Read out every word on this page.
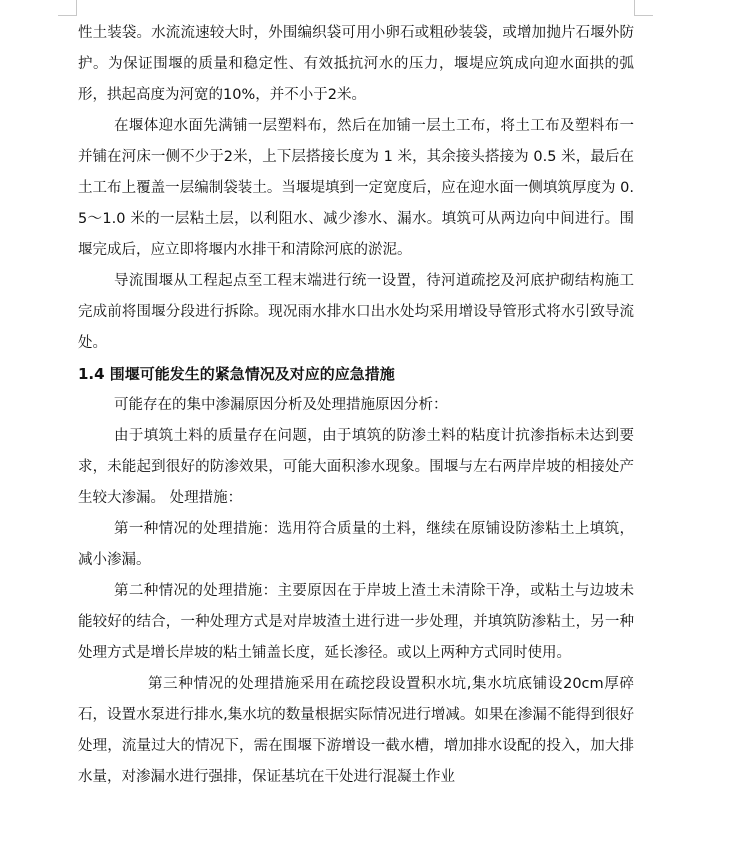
性土装袋。水流流速较大时，外围编织袋可用小卵石或粗砂装袋，或增加抛片石堰外防护。为保证围堰的质量和稳定性、有效抵抗河水的压力，堰堤应筑成向迎水面拱的弧形，拱起高度为河宽的10%，并不小于2米。

在堰体迎水面先满铺一层塑料布，然后在加铺一层土工布，将土工布及塑料布一并铺在河床一侧不少于2米，上下层搭接长度为 1 米，其余接头搭接为 0.5 米，最后在土工布上覆盖一层编制袋装土。当堰堤填到一定宽度后，应在迎水面一侧填筑厚度为 0.5～1.0 米的一层粘土层，以利阻水、减少渗水、漏水。填筑可从两边向中间进行。围堰完成后，应立即将堰内水排干和清除河底的淤泥。

导流围堰从工程起点至工程末端进行统一设置，待河道疏挖及河底护砌结构施工完成前将围堰分段进行拆除。现况雨水排水口出水处均采用增设导管形式将水引致导流处。

1.4 围堰可能发生的紧急情况及对应的应急措施

可能存在的集中渗漏原因分析及处理措施原因分析：

由于填筑土料的质量存在问题，由于填筑的防渗土料的粘度计抗渗指标未达到要求，未能起到很好的防渗效果，可能大面积渗水现象。围堰与左右两岸岸坡的相接处产生较大渗漏。 处理措施：

第一种情况的处理措施：选用符合质量的土料，继续在原铺设防渗粘土上填筑，减小渗漏。

第二种情况的处理措施：主要原因在于岸坡上渣土未清除干净，或粘土与边坡未能较好的结合，一种处理方式是对岸坡渣土进行进一步处理，并填筑防渗粘土，另一种处理方式是增长岸坡的粘土铺盖长度，延长渗径。或以上两种方式同时使用。

第三种情况的处理措施采用在疏挖段设置积水坑,集水坑底铺设20cm厚碎石，设置水泵进行排水,集水坑的数量根据实际情况进行增减。如果在渗漏不能得到很好处理，流量过大的情况下，需在围堰下游增设一截水槽，增加排水设配的投入，加大排水量，对渗漏水进行强排，保证基坑在干处进行混凝土作业
